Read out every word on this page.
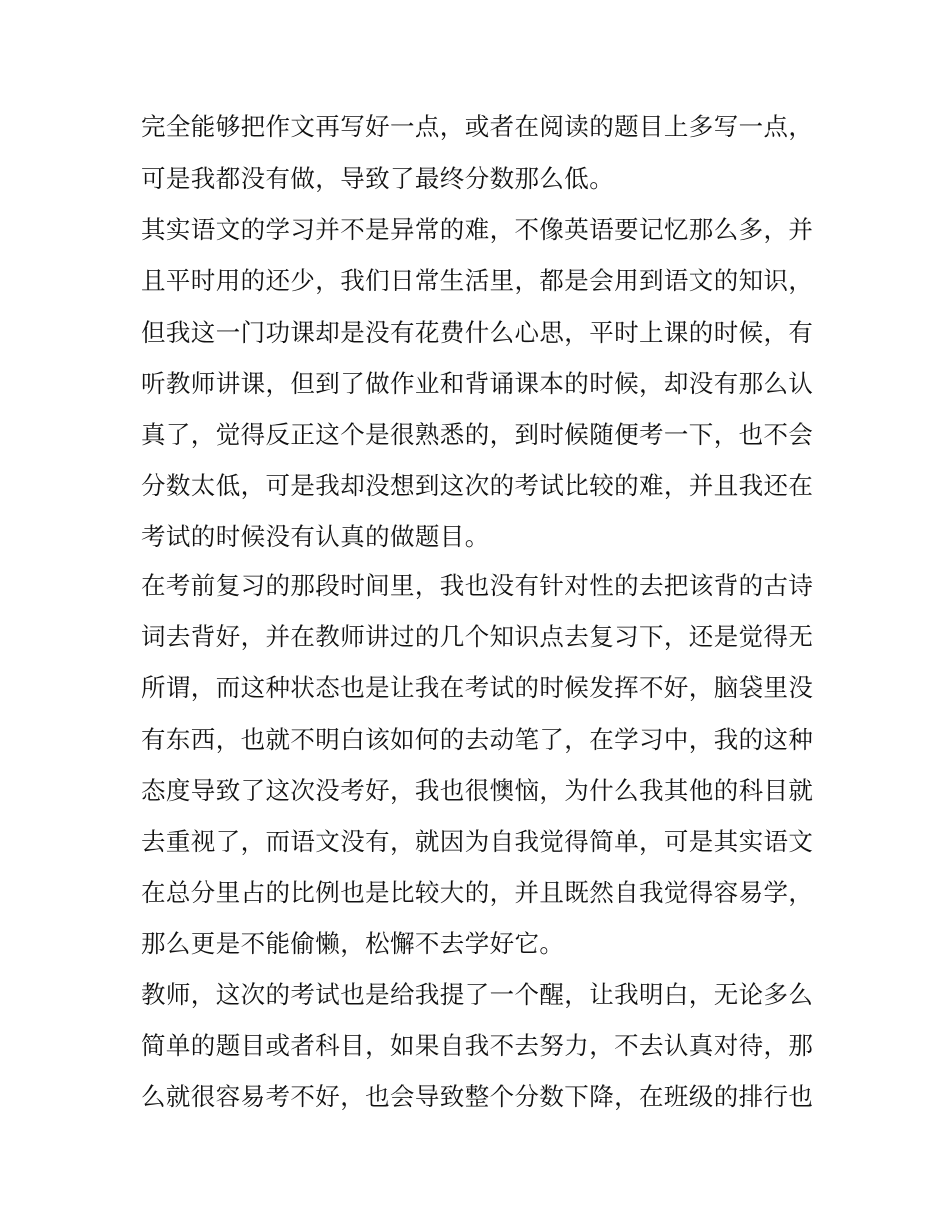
完全能够把作文再写好一点，或者在阅读的题目上多写一点，
可是我都没有做，导致了最终分数那么低。
其实语文的学习并不是异常的难，不像英语要记忆那么多，并
且平时用的还少，我们日常生活里，都是会用到语文的知识，
但我这一门功课却是没有花费什么心思，平时上课的时候，有
听教师讲课，但到了做作业和背诵课本的时候，却没有那么认
真了，觉得反正这个是很熟悉的，到时候随便考一下，也不会
分数太低，可是我却没想到这次的考试比较的难，并且我还在
考试的时候没有认真的做题目。
在考前复习的那段时间里，我也没有针对性的去把该背的古诗
词去背好，并在教师讲过的几个知识点去复习下，还是觉得无
所谓，而这种状态也是让我在考试的时候发挥不好，脑袋里没
有东西，也就不明白该如何的去动笔了，在学习中，我的这种
态度导致了这次没考好，我也很懊恼，为什么我其他的科目就
去重视了，而语文没有，就因为自我觉得简单，可是其实语文
在总分里占的比例也是比较大的，并且既然自我觉得容易学，
那么更是不能偷懒，松懈不去学好它。
教师，这次的考试也是给我提了一个醒，让我明白，无论多么
简单的题目或者科目，如果自我不去努力，不去认真对待，那
么就很容易考不好，也会导致整个分数下降，在班级的排行也
